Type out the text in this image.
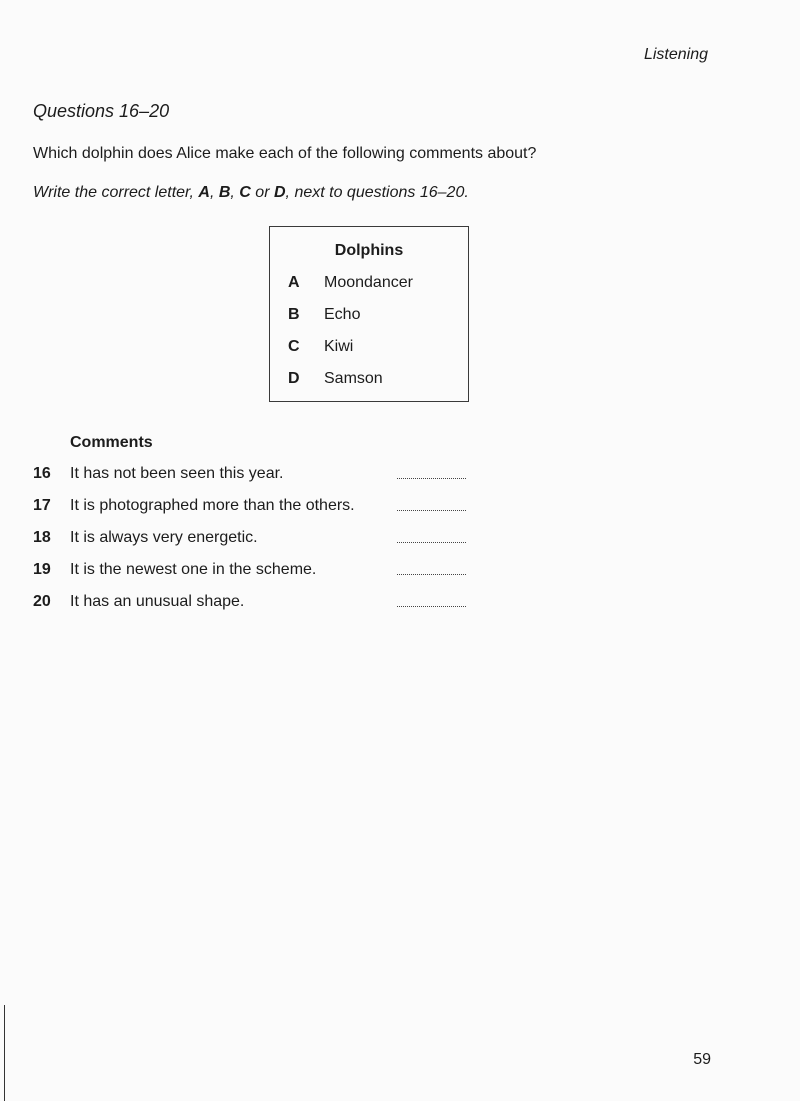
Listening
Questions 16–20
Which dolphin does Alice make each of the following comments about?
Write the correct letter, A, B, C or D, next to questions 16–20.
Dolphins
A Moondancer
B Echo
C Kiwi
D Samson
Comments
16 It has not been seen this year.
17 It is photographed more than the others.
18 It is always very energetic.
19 It is the newest one in the scheme.
20 It has an unusual shape.
59
